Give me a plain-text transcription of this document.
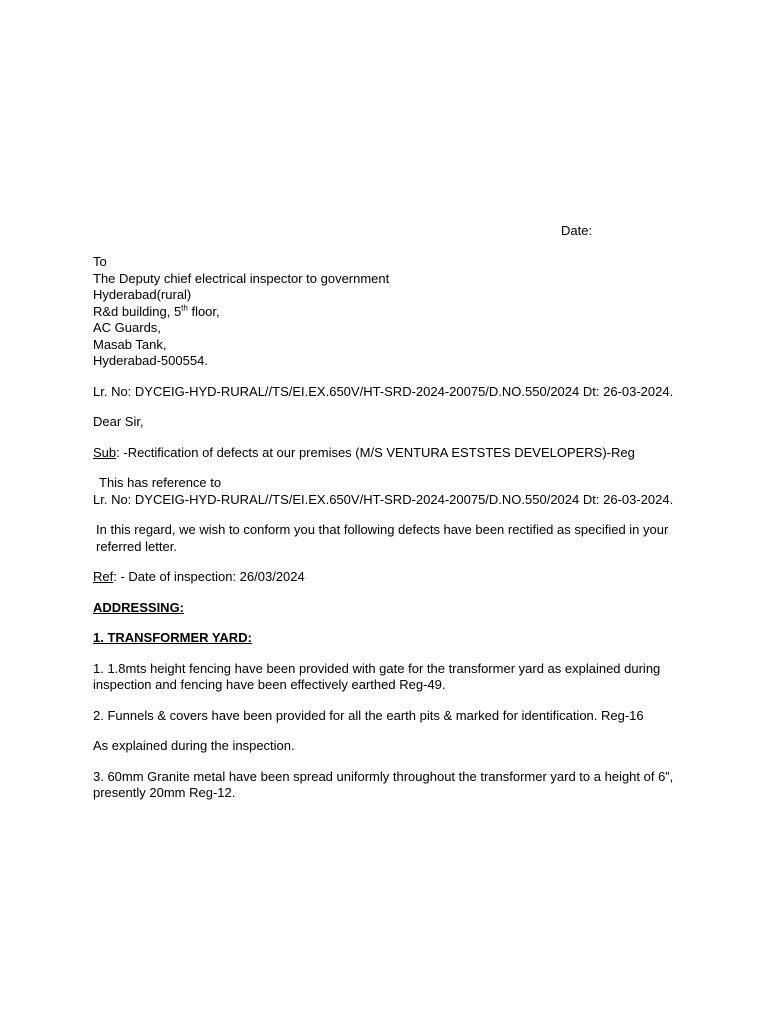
Date:
To
The Deputy chief electrical inspector to government
Hyderabad(rural)
R&d building, 5th floor,
AC Guards,
Masab Tank,
Hyderabad-500554.
Lr. No: DYCEIG-HYD-RURAL//TS/EI.EX.650V/HT-SRD-2024-20075/D.NO.550/2024 Dt: 26-03-2024.
Dear Sir,
Sub: -Rectification of defects at our premises (M/S VENTURA ESTSTES DEVELOPERS)-Reg
This has reference to
Lr. No: DYCEIG-HYD-RURAL//TS/EI.EX.650V/HT-SRD-2024-20075/D.NO.550/2024 Dt: 26-03-2024.
In this regard, we wish to conform you that following defects have been rectified as specified in your referred letter.
Ref: - Date of inspection: 26/03/2024
ADDRESSING:
1. TRANSFORMER YARD:
1. 1.8mts height fencing have been provided with gate for the transformer yard as explained during inspection and fencing have been effectively earthed Reg-49.
2. Funnels & covers have been provided for all the earth pits & marked for identification. Reg-16
As explained during the inspection.
3. 60mm Granite metal have been spread uniformly throughout the transformer yard to a height of 6”, presently 20mm Reg-12.
